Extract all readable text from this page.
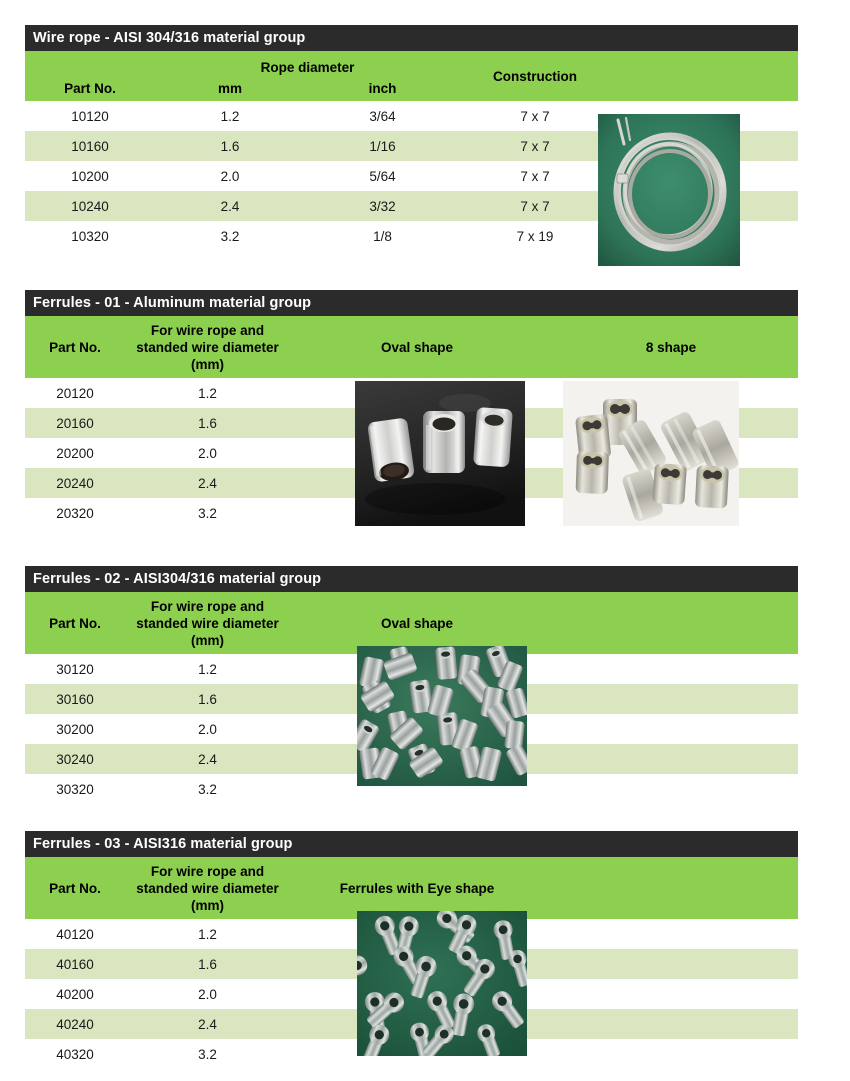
Wire rope - AISI 304/316 material group
	Rope diameter		Construction	
Part No.	mm	inch		
10120	1.2	3/64	7 x 7	
10160	1.6	1/16	7 x 7	
10200	2.0	5/64	7 x 7	
10240	2.4	3/32	7 x 7	
10320	3.2	1/8	7 x 19	
Ferrules - 01 - Aluminum material group
Part No.	For wire rope and
standed wire diameter
(mm)	Oval shape	8 shape
20120	1.2		
20160	1.6		
20200	2.0		
20240	2.4		
20320	3.2		
Ferrules - 02 - AISI304/316 material group
Part No.	For wire rope and
standed wire diameter
(mm)	Oval shape	
30120	1.2		
30160	1.6		
30200	2.0		
30240	2.4		
30320	3.2		
Ferrules - 03 - AISI316 material group
Part No.	For wire rope and
standed wire diameter
(mm)	Ferrules with Eye shape	
40120	1.2		
40160	1.6		
40200	2.0		
40240	2.4		
40320	3.2		
